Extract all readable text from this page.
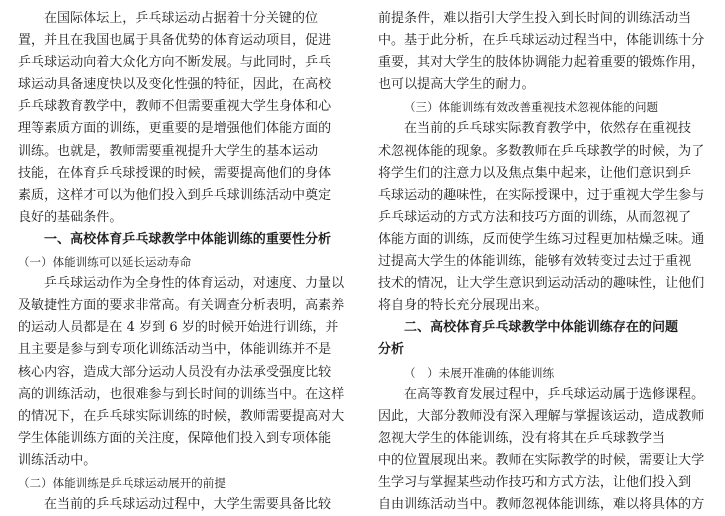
在国际体坛上，乒乓球运动占据着十分关键的位
置，并且在我国也属于具备优势的体育运动项目，促进
乒乓球运动向着大众化方向不断发展。与此同时，乒乓
球运动具备速度快以及变化性强的特征，因此，在高校
乒乓球教育教学中，教师不但需要重视大学生身体和心
理等素质方面的训练，更重要的是增强他们体能方面的
训练。也就是，教师需要重视提升大学生的基本运动
技能，在体育乒乓球授课的时候，需要提高他们的身体
素质，这样才可以为他们投入到乒乓球训练活动中奠定
良好的基础条件。
一、高校体育乒乓球教学中体能训练的重要性分析
（一）体能训练可以延长运动寿命
乒乓球运动作为全身性的体育运动，对速度、力量以
及敏捷性方面的要求非常高。有关调查分析表明，高素养
的运动人员都是在 4 岁到 6 岁的时候开始进行训练，并
且主要是参与到专项化训练活动当中，体能训练并不是
核心内容，造成大部分运动人员没有办法承受强度比较
高的训练活动，也很难参与到长时间的训练当中。在这样
的情况下，在乒乓球实际训练的时候，教师需要提高对大
学生体能训练方面的关注度，保障他们投入到专项体能
训练活动中。
（二）体能训练是乒乓球运动展开的前提
在当前的乒乓球运动过程中，大学生需要具备比较
前提条件，难以指引大学生投入到长时间的训练活动当
中。基于此分析，在乒乓球运动过程当中，体能训练十分
重要，其对大学生的肢体协调能力起着重要的锻炼作用，
也可以提高大学生的耐力。
（三）体能训练有效改善重视技术忽视体能的问题
在当前的乒乓球实际教育教学中，依然存在重视技
术忽视体能的现象。多数教师在乒乓球教学的时候，为了
将学生们的注意力以及焦点集中起来，让他们意识到乒
乓球运动的趣味性，在实际授课中，过于重视大学生参与
乒乓球运动的方式方法和技巧方面的训练，从而忽视了
体能方面的训练，反而使学生练习过程更加枯燥乏味。通
过提高大学生的体能训练，能够有效转变过去过于重视
技术的情况，让大学生意识到运动活动的趣味性，让他们
将自身的特长充分展现出来。
二、高校体育乒乓球教学中体能训练存在的问题
分析
（　）未展开准确的体能训练
在高等教育发展过程中，乒乓球运动属于选修课程。
因此，大部分教师没有深入理解与掌握该运动，造成教师
忽视大学生的体能训练，没有将其在乒乓球教学当
中的位置展现出来。教师在实际教学的时候，需要让大学
生学习与掌握某些动作技巧和方式方法，让他们投入到
自由训练活动当中。教师忽视体能训练，难以将具体的方
